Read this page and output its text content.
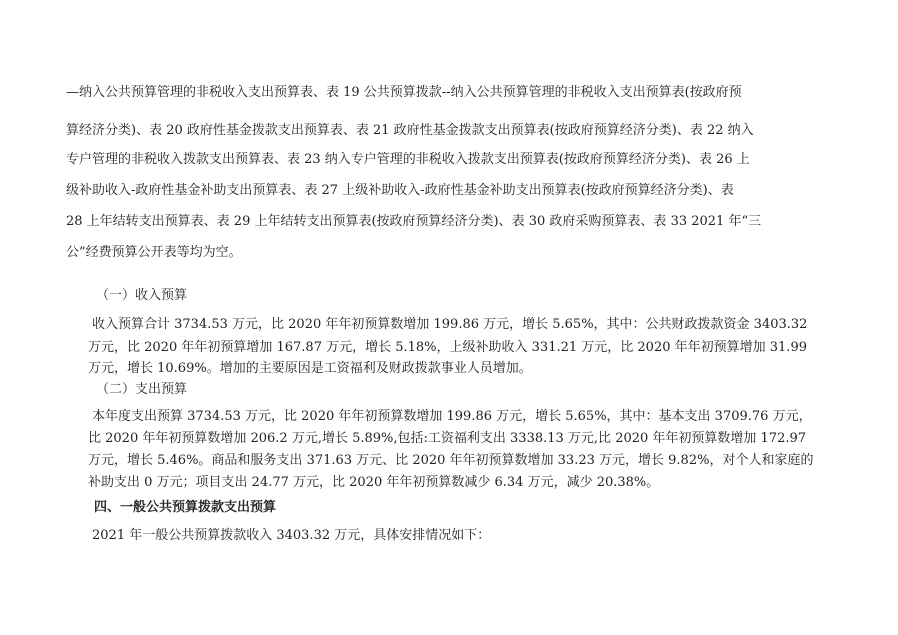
—纳入公共预算管理的非税收入支出预算表、表 19 公共预算拨款--纳入公共预算管理的非税收入支出预算表(按政府预
算经济分类)、表 20 政府性基金拨款支出预算表、表 21 政府性基金拨款支出预算表(按政府预算经济分类)、表 22 纳入
专户管理的非税收入拨款支出预算表、表 23 纳入专户管理的非税收入拨款支出预算表(按政府预算经济分类)、表 26 上
级补助收入-政府性基金补助支出预算表、表 27 上级补助收入-政府性基金补助支出预算表(按政府预算经济分类)、表
28 上年结转支出预算表、表 29 上年结转支出预算表(按政府预算经济分类)、表 30 政府采购预算表、表 33 2021 年“三
公”经费预算公开表等均为空。
（一）收入预算
收入预算合计 3734.53 万元，比 2020 年年初预算数增加 199.86 万元，增长 5.65%，其中：公共财政拨款资金 3403.32
万元，比 2020 年年初预算增加 167.87 万元，增长 5.18%，上级补助收入 331.21 万元，比 2020 年年初预算增加 31.99
万元，增长 10.69%。增加的主要原因是工资福利及财政拨款事业人员增加。
（二）支出预算
本年度支出预算 3734.53 万元，比 2020 年年初预算数增加 199.86 万元，增长 5.65%，其中：基本支出 3709.76 万元，
比 2020 年年初预算数增加 206.2 万元,增长 5.89%,包括:工资福利支出 3338.13 万元,比 2020 年年初预算数增加 172.97
万元，增长 5.46%。商品和服务支出 371.63 万元、比 2020 年年初预算数增加 33.23 万元，增长 9.82%，对个人和家庭的
补助支出 0 万元；项目支出 24.77 万元，比 2020 年年初预算数减少 6.34 万元，减少 20.38%。
四、一般公共预算拨款支出预算
2021 年一般公共预算拨款收入 3403.32 万元，具体安排情况如下：
